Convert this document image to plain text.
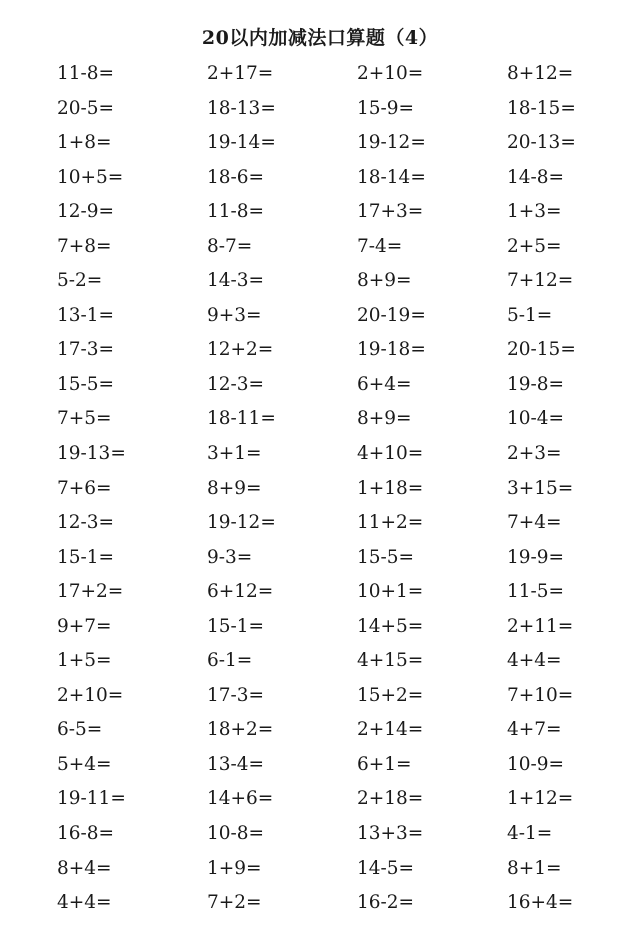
20以内加减法口算题（4）
11-8=	2+17=	2+10=	8+12=
20-5=	18-13=	15-9=	18-15=
1+8=	19-14=	19-12=	20-13=
10+5=	18-6=	18-14=	14-8=
12-9=	11-8=	17+3=	1+3=
7+8=	8-7=	7-4=	2+5=
5-2=	14-3=	8+9=	7+12=
13-1=	9+3=	20-19=	5-1=
17-3=	12+2=	19-18=	20-15=
15-5=	12-3=	6+4=	19-8=
7+5=	18-11=	8+9=	10-4=
19-13=	3+1=	4+10=	2+3=
7+6=	8+9=	1+18=	3+15=
12-3=	19-12=	11+2=	7+4=
15-1=	9-3=	15-5=	19-9=
17+2=	6+12=	10+1=	11-5=
9+7=	15-1=	14+5=	2+11=
1+5=	6-1=	4+15=	4+4=
2+10=	17-3=	15+2=	7+10=
6-5=	18+2=	2+14=	4+7=
5+4=	13-4=	6+1=	10-9=
19-11=	14+6=	2+18=	1+12=
16-8=	10-8=	13+3=	4-1=
8+4=	1+9=	14-5=	8+1=
4+4=	7+2=	16-2=	16+4=
